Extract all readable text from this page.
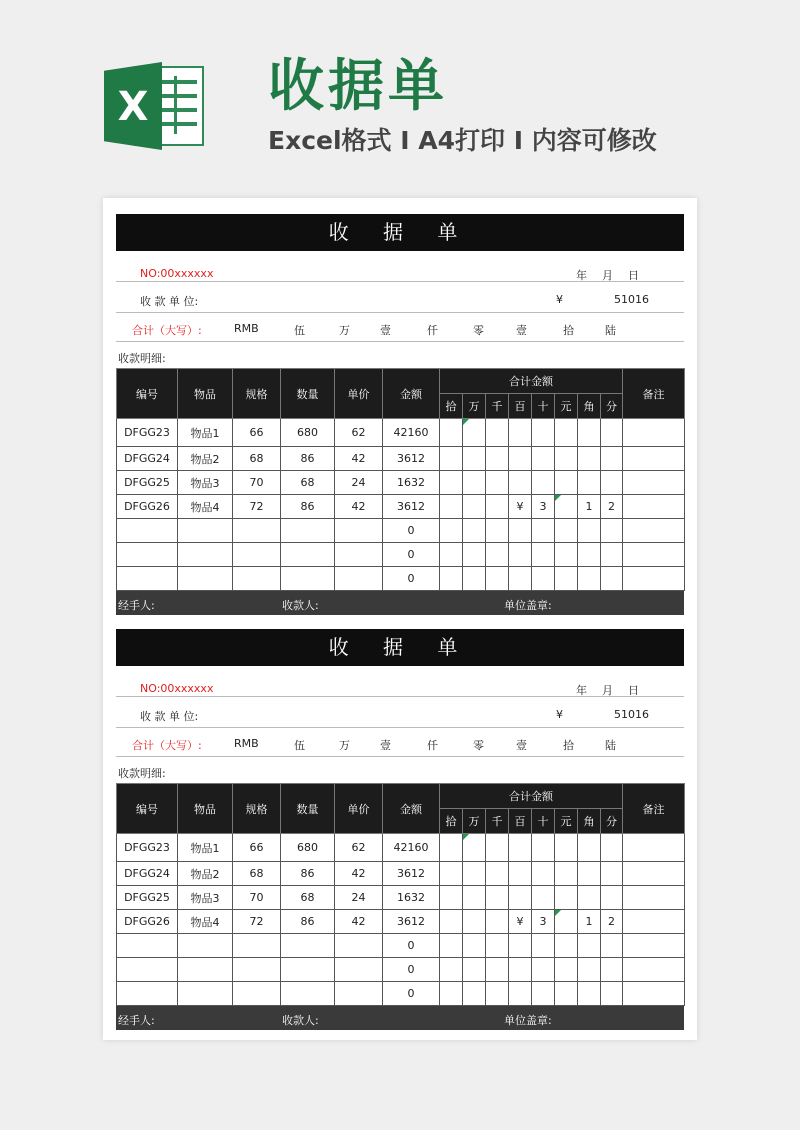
X 收据单
Excel格式 I A4打印 I 内容可修改
收 据 单
NO:00xxxxxx	年 月 日
收 款 单 位:	¥	51016
合计（大写）:	RMB	伍	万	壹	仟	零	壹	拾	陆
收款明细:
编号	物品	规格	数量	单价	金额	合计金额								备注
						拾	万	千	百	十	元	角	分	
DFGG23	物品1	66	680	62	42160		

DFGG24	物品2	68	86	42	3612									
DFGG25	物品3	70	68	24	1632									
DFGG26	物品4	72	86	42	3612				¥	3		1	2	
					0									
					0									
					0									
经手人:	收款人:	单位盖章:
收 据 单
NO:00xxxxxx	年 月 日
收 款 单 位:	¥	51016
合计（大写）:	RMB	伍	万	壹	仟	零	壹	拾	陆
收款明细:
编号	物品	规格	数量	单价	金额	合计金额								备注
						拾	万	千	百	十	元	角	分	
DFGG23	物品1	66	680	62	42160		

DFGG24	物品2	68	86	42	3612									
DFGG25	物品3	70	68	24	1632									
DFGG26	物品4	72	86	42	3612				¥	3		1	2	
					0									
					0									
					0									
经手人:	收款人:	单位盖章:
